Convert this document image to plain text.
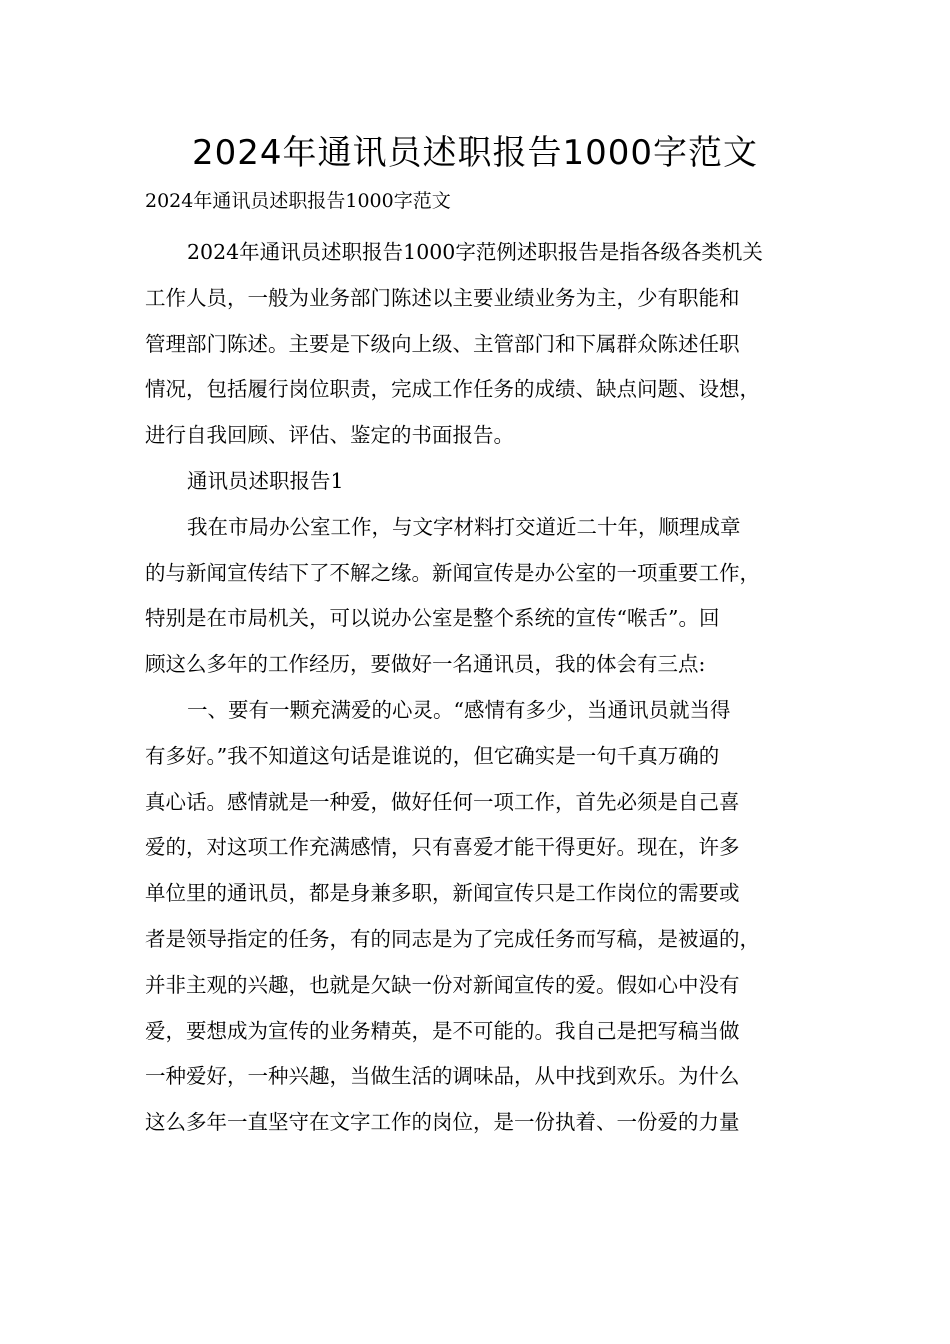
2024年通讯员述职报告1000字范文
2024年通讯员述职报告1000字范文

2024年通讯员述职报告1000字范例述职报告是指各级各类机关
工作人员，一般为业务部门陈述以主要业绩业务为主，少有职能和
管理部门陈述。主要是下级向上级、主管部门和下属群众陈述任职
情况，包括履行岗位职责，完成工作任务的成绩、缺点问题、设想，
进行自我回顾、评估、鉴定的书面报告。

通讯员述职报告1

我在市局办公室工作，与文字材料打交道近二十年，顺理成章
的与新闻宣传结下了不解之缘。新闻宣传是办公室的一项重要工作，
特别是在市局机关，可以说办公室是整个系统的宣传“喉舌”。回
顾这么多年的工作经历，要做好一名通讯员，我的体会有三点:

一、要有一颗充满爱的心灵。“感情有多少，当通讯员就当得
有多好。”我不知道这句话是谁说的，但它确实是一句千真万确的
真心话。感情就是一种爱，做好任何一项工作，首先必须是自己喜
爱的，对这项工作充满感情，只有喜爱才能干得更好。现在，许多
单位里的通讯员，都是身兼多职，新闻宣传只是工作岗位的需要或
者是领导指定的任务，有的同志是为了完成任务而写稿，是被逼的，
并非主观的兴趣，也就是欠缺一份对新闻宣传的爱。假如心中没有
爱，要想成为宣传的业务精英，是不可能的。我自己是把写稿当做
一种爱好，一种兴趣，当做生活的调味品，从中找到欢乐。为什么
这么多年一直坚守在文字工作的岗位，是一份执着、一份爱的力量
